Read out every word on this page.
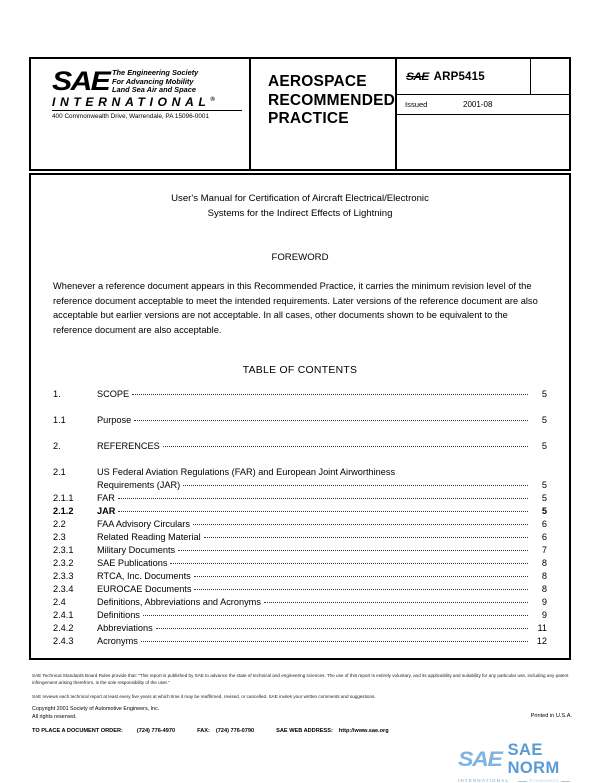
SAE The Engineering Society
For Advancing Mobility
Land Sea Air and Space
INTERNATIONAL®
400 Commonwealth Drive, Warrendale, PA 15096-0001
AEROSPACE
RECOMMENDED
PRACTICE
SAE ARP5415
Issued	2001-08
User's Manual for Certification of Aircraft Electrical/Electronic
Systems for the Indirect Effects of Lightning
FOREWORD
Whenever a reference document appears in this Recommended Practice, it carries the minimum revision level of the reference document acceptable to meet the intended requirements. Later versions of the reference document are also acceptable but earlier versions are not acceptable. In all cases, other documents shown to be equivalent to the reference document are also acceptable.
TABLE OF CONTENTS
1.	SCOPE	5
1.1	Purpose	5
2.	REFERENCES	5
2.1	US Federal Aviation Regulations (FAR) and European Joint Airworthiness
Requirements (JAR)	5
2.1.1	FAR	5
2.1.2	JAR	5
2.2	FAA Advisory Circulars	6
2.3	Related Reading Material	6
2.3.1	Military Documents	7
2.3.2	SAE Publications	8
2.3.3	RTCA, Inc. Documents	8
2.3.4	EUROCAE Documents	8
2.4	Definitions, Abbreviations and Acronyms	9
2.4.1	Definitions	9
2.4.2	Abbreviations	11
2.4.3	Acronyms	12

SAE Technical Standards Board Rules provide that: "This report is published by SAE to advance the state of technical and engineering sciences. The use of this report is entirely voluntary, and its applicability and suitability for any particular use, including any patent infringement arising therefrom, is the sole responsibility of the user."

SAE reviews each technical report at least every five years at which time it may be reaffirmed, revised, or cancelled. SAE invites your written comments and suggestions.

Copyright 2001 Society of Automotive Engineers, Inc.
All rights reserved.	Printed in U.S.A.
TO PLACE A DOCUMENT ORDER:	(724) 776-4970	FAX: (724) 776-0790	SAE WEB ADDRESS: http://www.sae.org
SAE SAE NORM
INTERNATIONAL	STANDARDS
